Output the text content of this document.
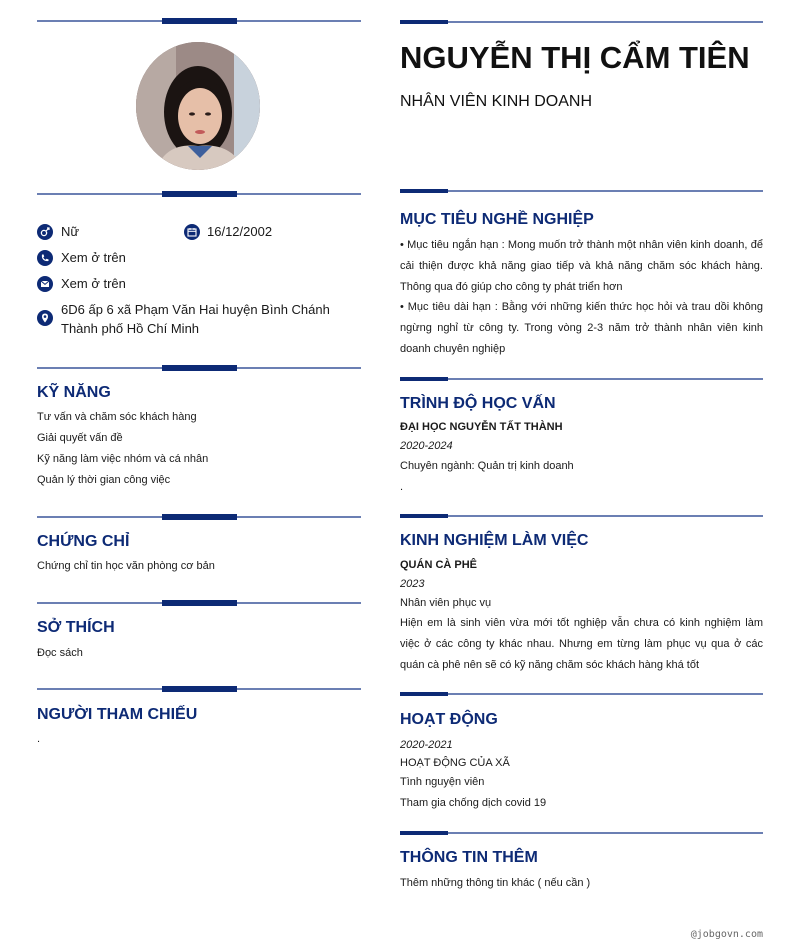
Nữ	16/12/2002
Xem ở trên
Xem ở trên
6D6 ấp 6 xã Phạm Văn Hai huyện Bình Chánh Thành phố Hồ Chí Minh
KỸ NĂNG
Tư vấn và chăm sóc khách hàng
Giải quyết vấn đề
Kỹ năng làm việc nhóm và cá nhân
Quản lý thời gian công việc
CHỨNG CHỈ
Chứng chỉ tin học văn phòng cơ bản
SỞ THÍCH
Đọc sách
NGƯỜI THAM CHIẾU
.
NGUYỄN THỊ CẨM TIÊN
NHÂN VIÊN KINH DOANH
MỤC TIÊU NGHỀ NGHIỆP
• Mục tiêu ngắn hạn : Mong muốn trở thành một nhân viên kinh doanh, để cải thiện được khả năng giao tiếp và khả năng chăm sóc khách hàng. Thông qua đó giúp cho công ty phát triển hơn
• Mục tiêu dài hạn : Bằng với những kiến thức học hỏi và trau dồi không ngừng nghỉ từ công ty. Trong vòng 2-3 năm trở thành nhân viên kinh doanh chuyên nghiệp
TRÌNH ĐỘ HỌC VẤN
ĐẠI HỌC NGUYỄN TẤT THÀNH
2020-2024
Chuyên ngành: Quản trị kinh doanh
.
KINH NGHIỆM LÀM VIỆC
QUÁN CÀ PHÊ
2023
Nhân viên phục vụ
Hiện em là sinh viên vừa mới tốt nghiệp vẫn chưa có kinh nghiệm làm việc ở các công ty khác nhau. Nhưng em từng làm phục vụ qua ở các quán cà phê nên sẽ có kỹ năng chăm sóc khách hàng khá tốt
HOẠT ĐỘNG
2020-2021
HOẠT ĐỘNG CỦA XÃ
Tình nguyện viên
Tham gia chống dịch covid 19
THÔNG TIN THÊM
Thêm những thông tin khác ( nếu cần )
@jobgovn.com
